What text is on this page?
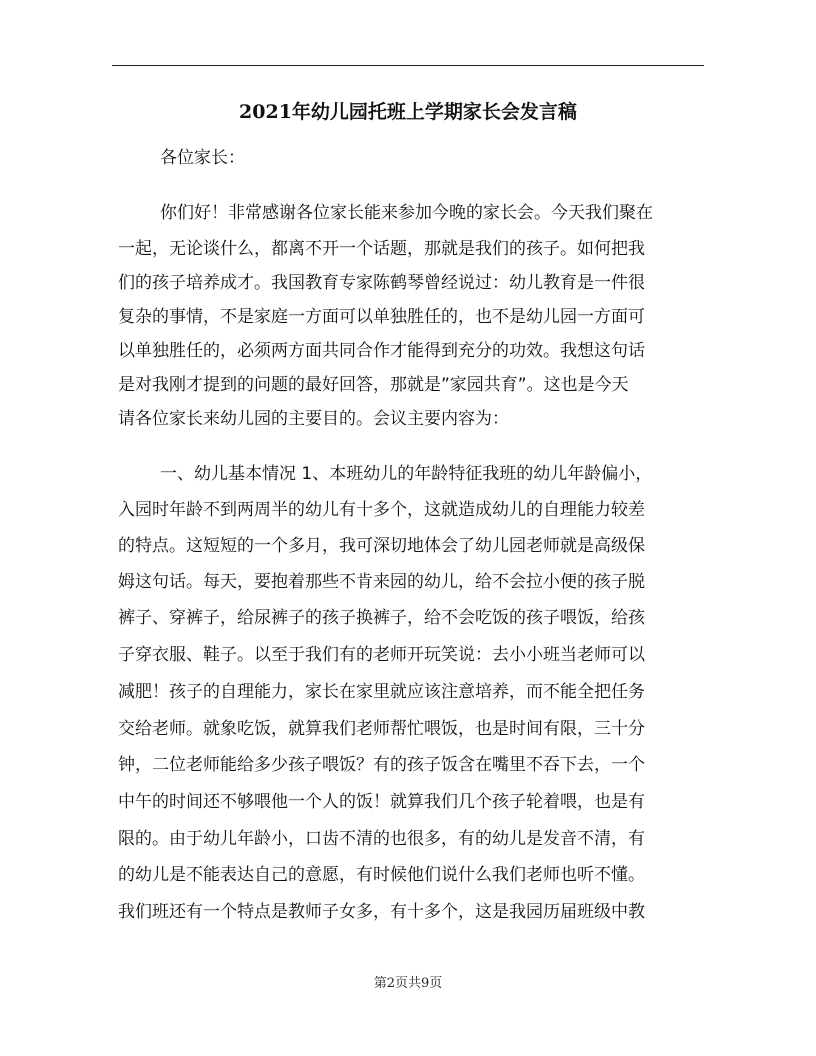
2021年幼儿园托班上学期家长会发言稿
各位家长：
你们好！非常感谢各位家长能来参加今晚的家长会。今天我们聚在
一起，无论谈什么，都离不开一个话题，那就是我们的孩子。如何把我
们的孩子培养成才。我国教育专家陈鹤琴曾经说过：幼儿教育是一件很
复杂的事情，不是家庭一方面可以单独胜任的，也不是幼儿园一方面可
以单独胜任的，必须两方面共同合作才能得到充分的功效。我想这句话
是对我刚才提到的问题的最好回答，那就是”家园共育”。这也是今天
请各位家长来幼儿园的主要目的。会议主要内容为：
一、幼儿基本情况 1、本班幼儿的年龄特征我班的幼儿年龄偏小，
入园时年龄不到两周半的幼儿有十多个，这就造成幼儿的自理能力较差
的特点。这短短的一个多月，我可深切地体会了幼儿园老师就是高级保
姆这句话。每天，要抱着那些不肯来园的幼儿，给不会拉小便的孩子脱
裤子、穿裤子，给尿裤子的孩子换裤子，给不会吃饭的孩子喂饭，给孩
子穿衣服、鞋子。以至于我们有的老师开玩笑说：去小小班当老师可以
减肥！孩子的自理能力，家长在家里就应该注意培养，而不能全把任务
交给老师。就象吃饭，就算我们老师帮忙喂饭，也是时间有限，三十分
钟，二位老师能给多少孩子喂饭？有的孩子饭含在嘴里不吞下去，一个
中午的时间还不够喂他一个人的饭！就算我们几个孩子轮着喂，也是有
限的。由于幼儿年龄小，口齿不清的也很多，有的幼儿是发音不清，有
的幼儿是不能表达自己的意愿，有时候他们说什么我们老师也听不懂。
我们班还有一个特点是教师子女多，有十多个，这是我园历届班级中教
第2页共9页
